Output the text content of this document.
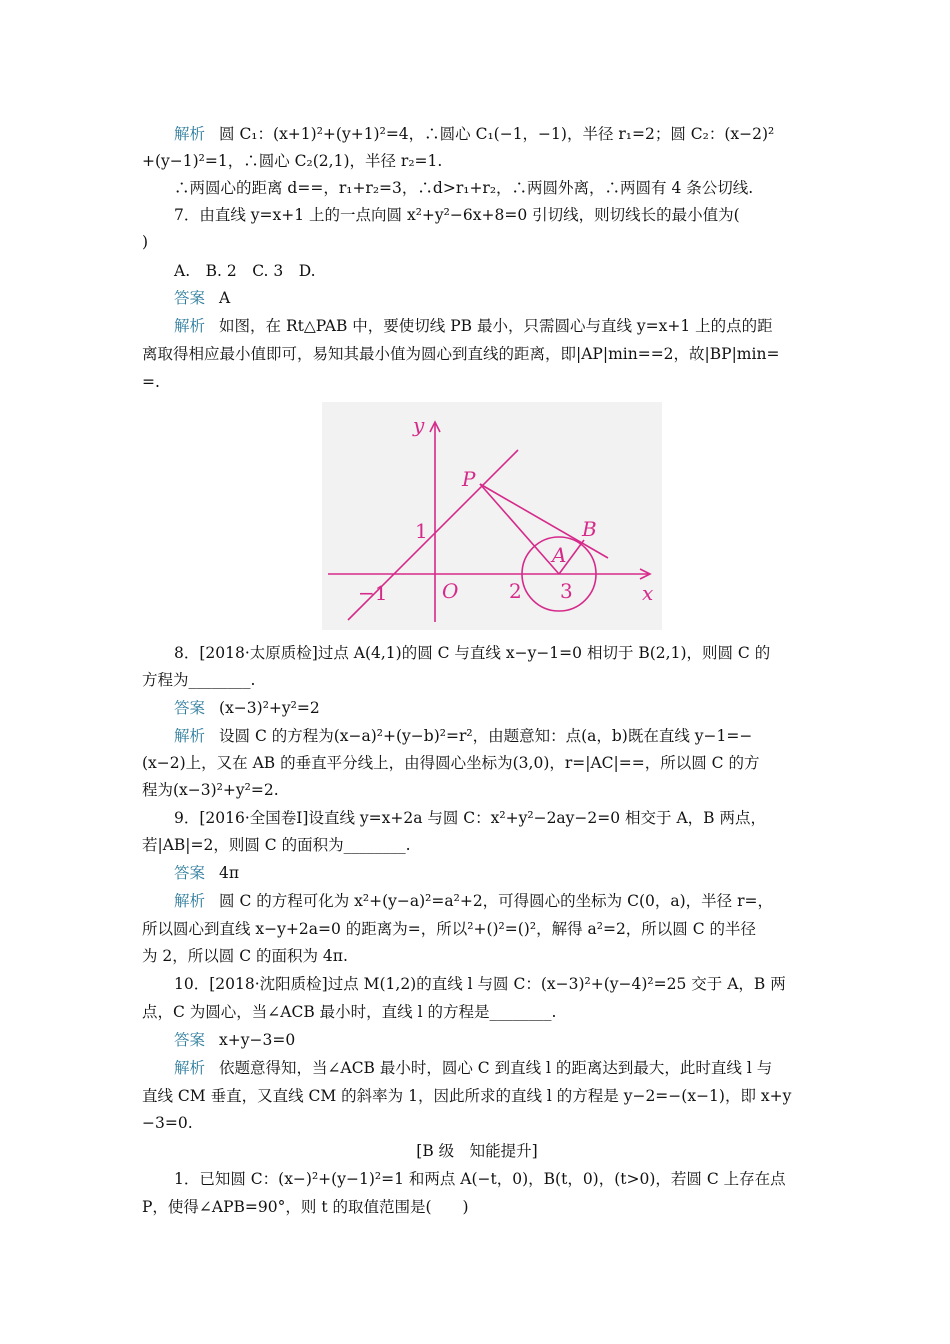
解析 圆 C₁：(x+1)²+(y+1)²=4，∴圆心 C₁(−1，−1)，半径 r₁=2；圆 C₂：(x−2)²
+(y−1)²=1，∴圆心 C₂(2,1)，半径 r₂=1.
∴两圆心的距离 d==，r₁+r₂=3，∴d>r₁+r₂，∴两圆外离，∴两圆有 4 条公切线.
7．由直线 y=x+1 上的一点向圆 x²+y²−6x+8=0 引切线，则切线长的最小值为(
)
A.　B. 2　C. 3　D.
答案 A
解析 如图，在 Rt△PAB 中，要使切线 PB 最小，只需圆心与直线 y=x+1 上的点的距
离取得相应最小值即可，易知其最小值为圆心到直线的距离，即|AP|min==2，故|BP|min=
=.
y
x
P
B
A
O
1
−1	2 3
8．[2018·太原质检]过点 A(4,1)的圆 C 与直线 x−y−1=0 相切于 B(2,1)，则圆 C 的
方程为________.
答案 (x−3)²+y²=2
解析 设圆 C 的方程为(x−a)²+(y−b)²=r²，由题意知：点(a，b)既在直线 y−1=−
(x−2)上，又在 AB 的垂直平分线上，由得圆心坐标为(3,0)，r=|AC|==，所以圆 C 的方
程为(x−3)²+y²=2.
9．[2016·全国卷Ⅰ]设直线 y=x+2a 与圆 C：x²+y²−2ay−2=0 相交于 A，B 两点，
若|AB|=2，则圆 C 的面积为________.
答案 4π
解析 圆 C 的方程可化为 x²+(y−a)²=a²+2，可得圆心的坐标为 C(0，a)，半径 r=，
所以圆心到直线 x−y+2a=0 的距离为=，所以²+()²=()²，解得 a²=2，所以圆 C 的半径
为 2，所以圆 C 的面积为 4π.
10．[2018·沈阳质检]过点 M(1,2)的直线 l 与圆 C：(x−3)²+(y−4)²=25 交于 A，B 两
点，C 为圆心，当∠ACB 最小时，直线 l 的方程是________.
答案 x+y−3=0
解析 依题意得知，当∠ACB 最小时，圆心 C 到直线 l 的距离达到最大，此时直线 l 与
直线 CM 垂直，又直线 CM 的斜率为 1，因此所求的直线 l 的方程是 y−2=−(x−1)，即 x+y
−3=0.
[B 级　知能提升]
1．已知圆 C：(x−)²+(y−1)²=1 和两点 A(−t，0)，B(t，0)，(t>0)，若圆 C 上存在点
P，使得∠APB=90°，则 t 的取值范围是(　　)
